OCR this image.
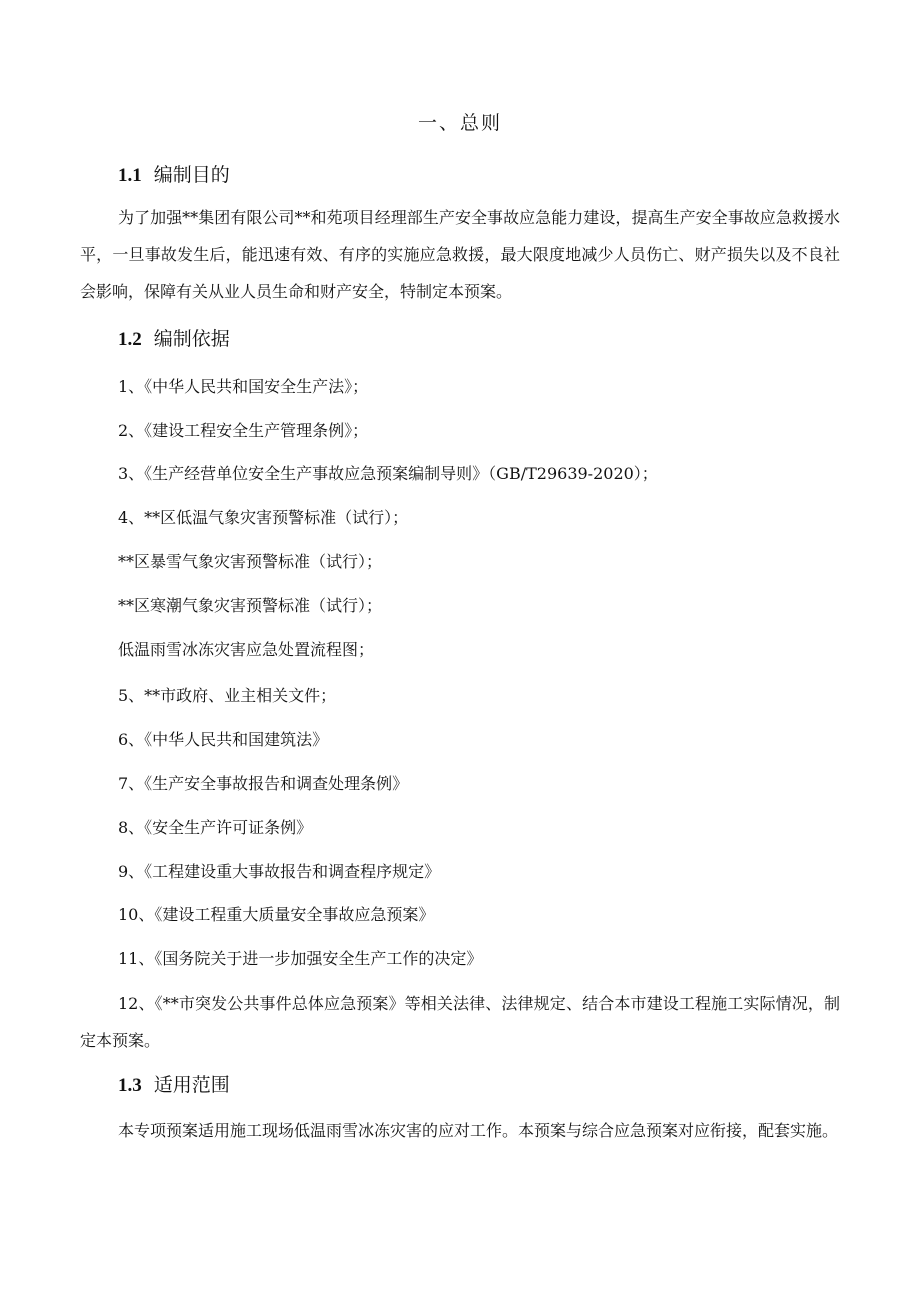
一、总则
1.1 编制目的
为了加强**集团有限公司**和苑项目经理部生产安全事故应急能力建设，提高生产安全事故应急救援水平，一旦事故发生后，能迅速有效、有序的实施应急救援，最大限度地减少人员伤亡、财产损失以及不良社会影响，保障有关从业人员生命和财产安全，特制定本预案。
1.2 编制依据
1、《中华人民共和国安全生产法》；
2、《建设工程安全生产管理条例》；
3、《生产经营单位安全生产事故应急预案编制导则》（GB/T29639-2020）；
4、**区低温气象灾害预警标准（试行）；
**区暴雪气象灾害预警标准（试行）；
**区寒潮气象灾害预警标准（试行）；
低温雨雪冰冻灾害应急处置流程图；
5、**市政府、业主相关文件；
6、《中华人民共和国建筑法》
7、《生产安全事故报告和调查处理条例》
8、《安全生产许可证条例》
9、《工程建设重大事故报告和调查程序规定》
10、《建设工程重大质量安全事故应急预案》
11、《国务院关于进一步加强安全生产工作的决定》
12、《**市突发公共事件总体应急预案》等相关法律、法律规定、结合本市建设工程施工实际情况，制定本预案。
1.3 适用范围
本专项预案适用施工现场低温雨雪冰冻灾害的应对工作。本预案与综合应急预案对应衔接，配套实施。
